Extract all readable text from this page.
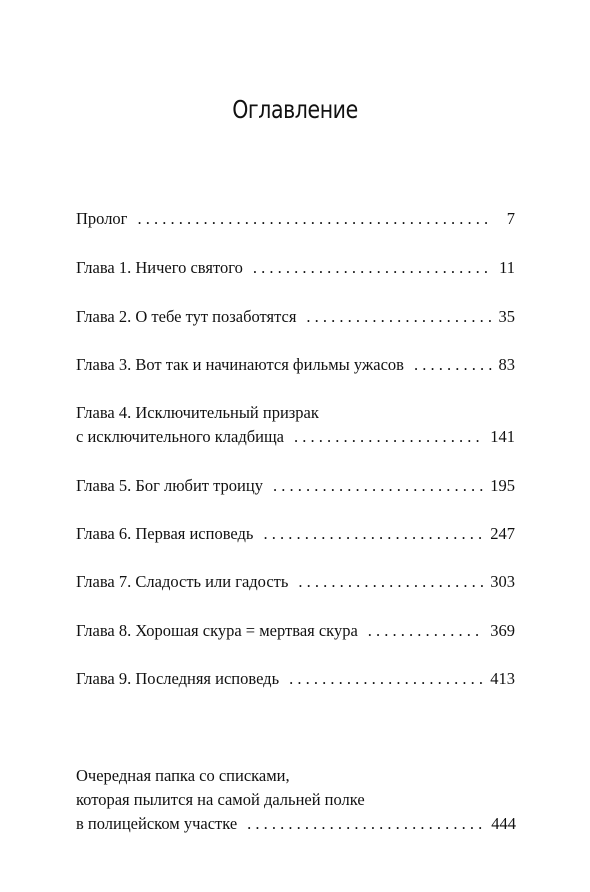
Оглавление
Пролог . . .	7
Глава 1. Ничего святого . . .	11
Глава 2. О тебе тут позаботятся . . .	35
Глава 3. Вот так и начинаются фильмы ужасов . . .	83
Глава 4. Исключительный призрак
с исключительного кладбища . . .	141
Глава 5. Бог любит троицу . . .	195
Глава 6. Первая исповедь . . .	247
Глава 7. Сладость или гадость . . .	303
Глава 8. Хорошая скура = мертвая скура . . .	369
Глава 9. Последняя исповедь . . .	413
Очередная папка со списками,
которая пылится на самой дальней полке
в полицейском участке . . .	444
